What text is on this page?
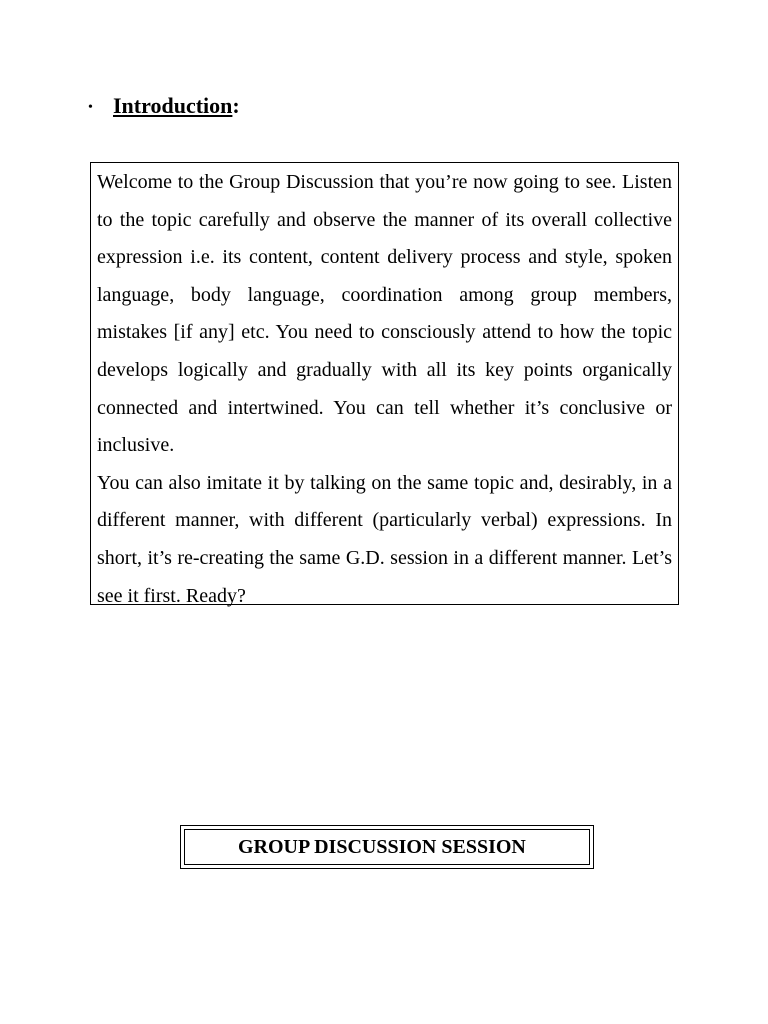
• Introduction:

Welcome to the Group Discussion that you’re now going to see. Listen to the topic carefully and observe the manner of its overall collective expression i.e. its content, content delivery process and style, spoken language, body language, coordination among group members, mistakes [if any] etc. You need to consciously attend to how the topic develops logically and gradually with all its key points organically connected and intertwined. You can tell whether it’s conclusive or inclusive.

You can also imitate it by talking on the same topic and, desirably, in a different manner, with different (particularly verbal) expressions. In short, it’s re-creating the same G.D. session in a different manner. Let’s see it first. Ready?

GROUP DISCUSSION SESSION
